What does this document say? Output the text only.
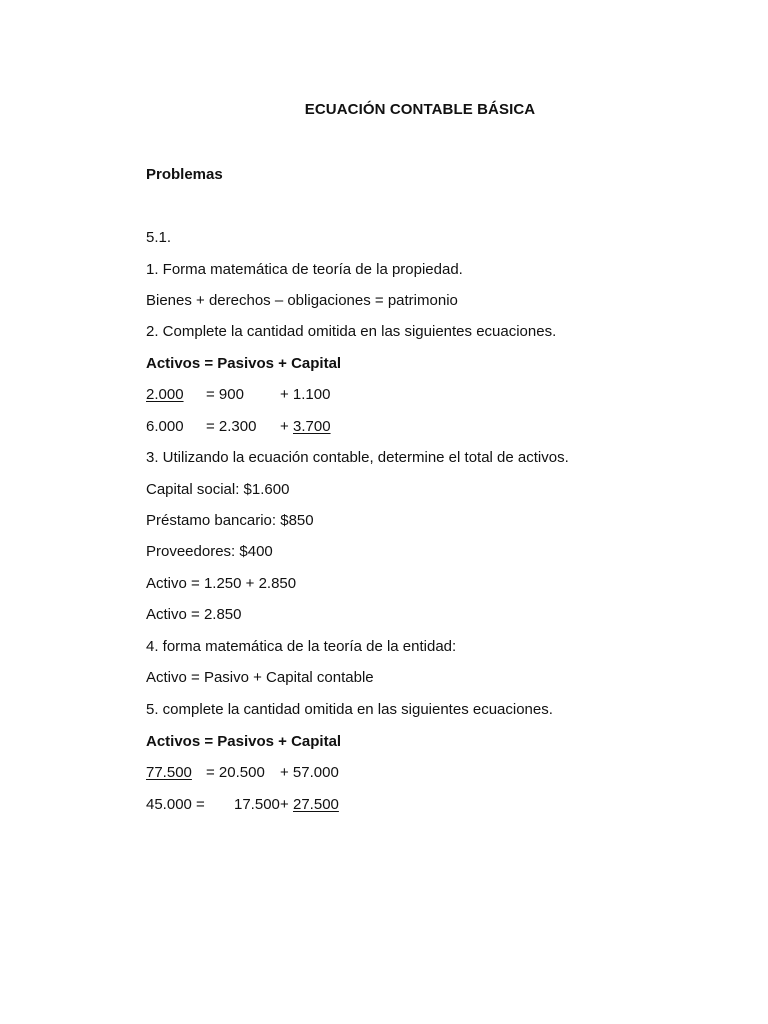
ECUACIÓN CONTABLE BÁSICA
Problemas
5.1.
1. Forma matemática de teoría de la propiedad.
Bienes + derechos – obligaciones = patrimonio
2. Complete la cantidad omitida en las siguientes ecuaciones.
Activos = Pasivos + Capital
2.000 = 900 + 1.100
6.000 = 2.300 + 3.700
3. Utilizando la ecuación contable, determine el total de activos.
Capital social: $1.600
Préstamo bancario: $850
Proveedores: $400
Activo = 1.250 + 2.850
Activo = 2.850
4. forma matemática de la teoría de la entidad:
Activo = Pasivo + Capital contable
5. complete la cantidad omitida en las siguientes ecuaciones.
Activos = Pasivos + Capital
77.500 = 20.500 + 57.000
45.000 = 17.500 + 27.500
